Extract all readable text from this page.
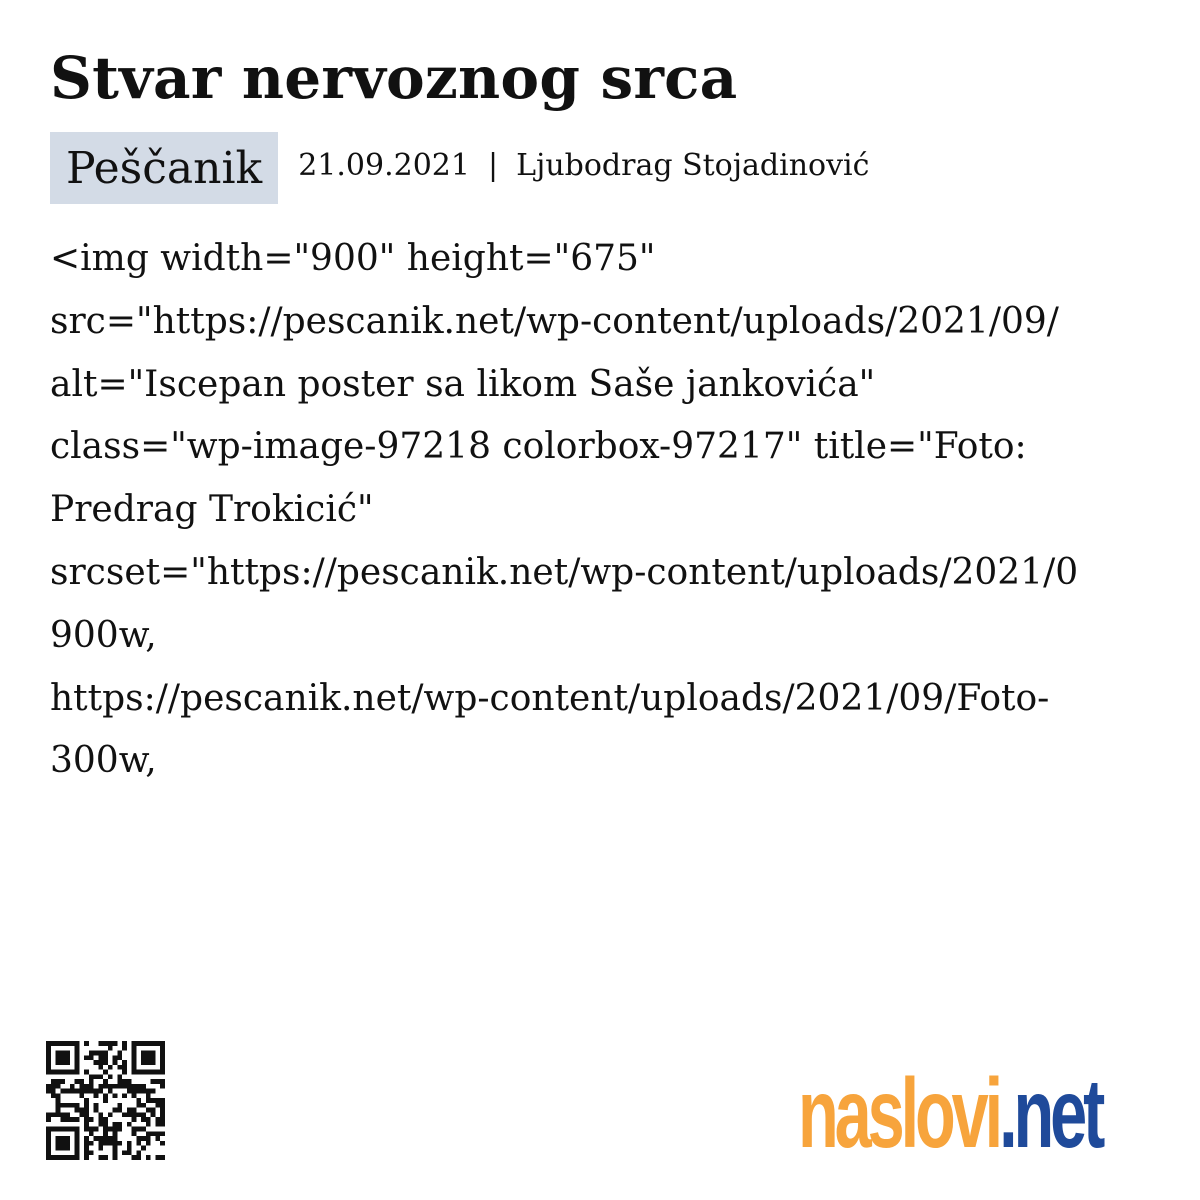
Stvar nervoznog srca
Peščanik	21.09.2021 | Ljubodrag Stojadinović
<img width="900" height="675"
src="https://pescanik.net/wp-content/uploads/2021/09/
alt="Iscepan poster sa likom Saše jankovića"
class="wp-image-97218 colorbox-97217" title="Foto:
Predrag Trokicić"
srcset="https://pescanik.net/wp-content/uploads/2021/0
900w,
https://pescanik.net/wp-content/uploads/2021/09/Foto-
300w,
naslovi.net
